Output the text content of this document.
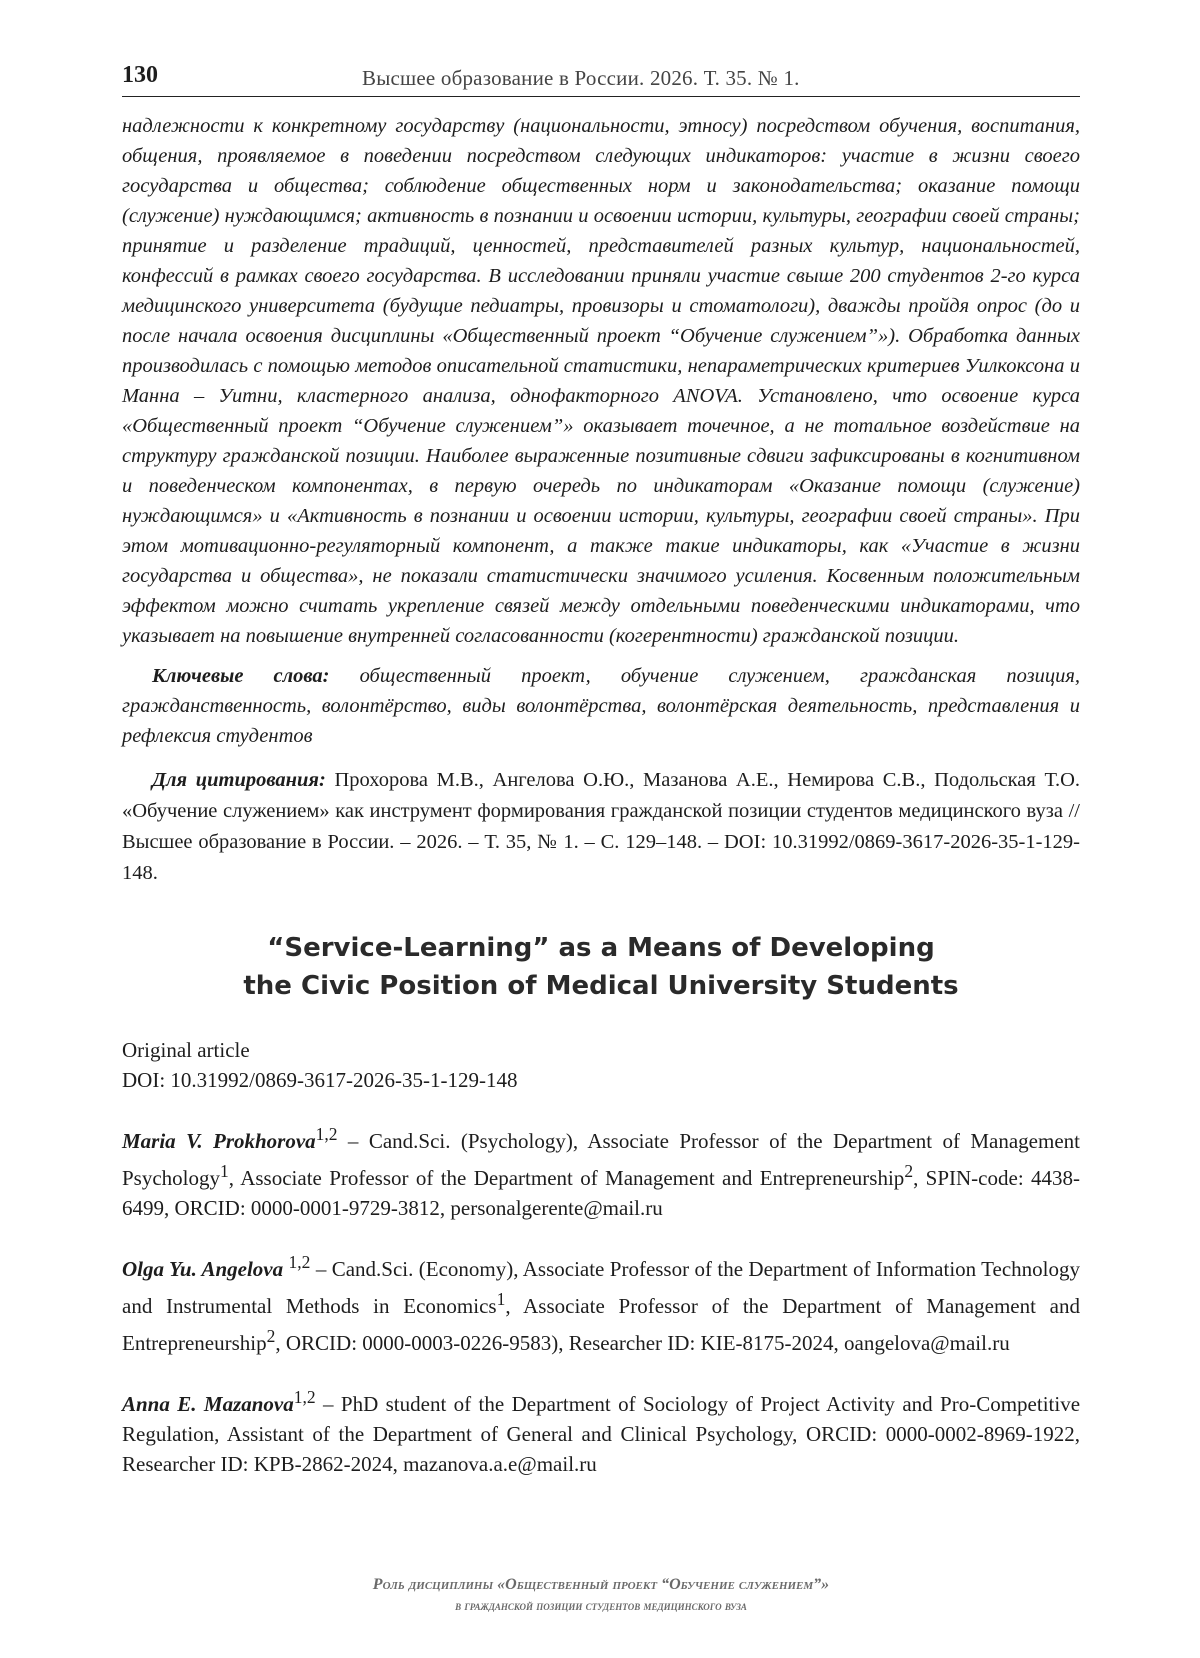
130	Высшее образование в России. 2026. Т. 35. № 1.

надлежности к конкретному государству (национальности, этносу) посредством обучения, воспитания, общения, проявляемое в поведении посредством следующих индикаторов: участие в жизни своего государства и общества; соблюдение общественных норм и законодательства; оказание помощи (служение) нуждающимся; активность в познании и освоении истории, культуры, географии своей страны; принятие и разделение традиций, ценностей, представителей разных культур, национальностей, конфессий в рамках своего государства. В исследовании приняли участие свыше 200 студентов 2-го курса медицинского университета (будущие педиатры, провизоры и стоматологи), дважды пройдя опрос (до и после начала освоения дисциплины «Общественный проект “Обучение служением”»). Обработка данных производилась с помощью методов описательной статистики, непараметрических критериев Уилкоксона и Манна – Уитни, кластерного анализа, однофакторного ANOVA. Установлено, что освоение курса «Общественный проект “Обучение служением”» оказывает точечное, а не тотальное воздействие на структуру гражданской позиции. Наиболее выраженные позитивные сдвиги зафиксированы в когнитивном и поведенческом компонентах, в первую очередь по индикаторам «Оказание помощи (служение) нуждающимся» и «Активность в познании и освоении истории, культуры, географии своей страны». При этом мотивационно-регуляторный компонент, а также такие индикаторы, как «Участие в жизни государства и общества», не показали статистически значимого усиления. Косвенным положительным эффектом можно считать укрепление связей между отдельными поведенческими индикаторами, что указывает на повышение внутренней согласованности (когерентности) гражданской позиции.

Ключевые слова: общественный проект, обучение служением, гражданская позиция, гражданственность, волонтёрство, виды волонтёрства, волонтёрская деятельность, представления и рефлексия студентов

Для цитирования: Прохорова М.В., Ангелова О.Ю., Мазанова А.Е., Немирова С.В., Подольская Т.О. «Обучение служением» как инструмент формирования гражданской позиции студентов медицинского вуза // Высшее образование в России. – 2026. – Т. 35, № 1. – С. 129–148. – DOI: 10.31992/0869-3617-2026-35-1-129-148.

“Service-Learning” as a Means of Developing
the Civic Position of Medical University Students
Original article
DOI: 10.31992/0869-3617-2026-35-1-129-148

Maria V. Prokhorova$^{1,2}$ – Cand.Sci. (Psychology), Associate Professor of the Department of Management Psychology$^1$, Associate Professor of the Department of Management and Entrepreneurship$^2$, SPIN-code: 4438-6499, ORCID: 0000-0001-9729-3812, personalgerente@mail.ru

Olga Yu. Angelova $^{1,2}$ – Cand.Sci. (Economy), Associate Professor of the Department of Information Technology and Instrumental Methods in Economics$^1$, Associate Professor of the Department of Management and Entrepreneurship$^2$, ORCID: 0000-0003-0226-9583), Researcher ID: KIE-8175-2024, oangelova@mail.ru

Anna E. Mazanova$^{1,2}$ – PhD student of the Department of Sociology of Project Activity and Pro-Competitive Regulation, Assistant of the Department of General and Clinical Psychology, ORCID: 0000-0002-8969-1922, Researcher ID: KPB-2862-2024, mazanova.a.e@mail.ru

Роль дисциплины «Общественный проект “Обучение служением”»
в гражданской позиции студентов медицинского вуза
